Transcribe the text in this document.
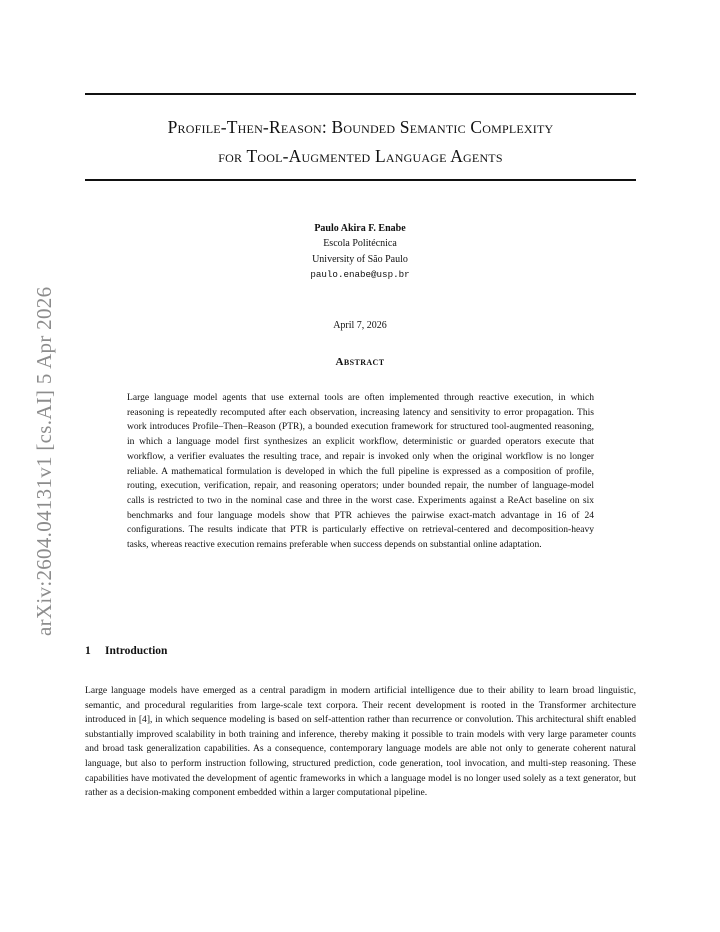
arXiv:2604.04131v1 [cs.AI] 5 Apr 2026
Profile-Then-Reason: Bounded Semantic Complexity
for Tool-Augmented Language Agents
Paulo Akira F. Enabe
Escola Politécnica
University of São Paulo
paulo.enabe@usp.br
April 7, 2026
Abstract
Large language model agents that use external tools are often implemented through reactive execution, in which reasoning is repeatedly recomputed after each observation, increasing latency and sensitivity to error propagation. This work introduces Profile–Then–Reason (PTR), a bounded execution framework for structured tool-augmented reasoning, in which a language model first synthesizes an explicit workflow, deterministic or guarded operators execute that workflow, a verifier evaluates the resulting trace, and repair is invoked only when the original workflow is no longer reliable. A mathematical formulation is developed in which the full pipeline is expressed as a composition of profile, routing, execution, verification, repair, and reasoning operators; under bounded repair, the number of language-model calls is restricted to two in the nominal case and three in the worst case. Experiments against a ReAct baseline on six benchmarks and four language models show that PTR achieves the pairwise exact-match advantage in 16 of 24 configurations. The results indicate that PTR is particularly effective on retrieval-centered and decomposition-heavy tasks, whereas reactive execution remains preferable when success depends on substantial online adaptation.
1 Introduction
Large language models have emerged as a central paradigm in modern artificial intelligence due to their ability to learn broad linguistic, semantic, and procedural regularities from large-scale text corpora. Their recent development is rooted in the Transformer architecture introduced in [4], in which sequence modeling is based on self-attention rather than recurrence or convolution. This architectural shift enabled substantially improved scalability in both training and inference, thereby making it possible to train models with very large parameter counts and broad task generalization capabilities. As a consequence, contemporary language models are able not only to generate coherent natural language, but also to perform instruction following, structured prediction, code generation, tool invocation, and multi-step reasoning. These capabilities have motivated the development of agentic frameworks in which a language model is no longer used solely as a text generator, but rather as a decision-making component embedded within a larger computational pipeline.
